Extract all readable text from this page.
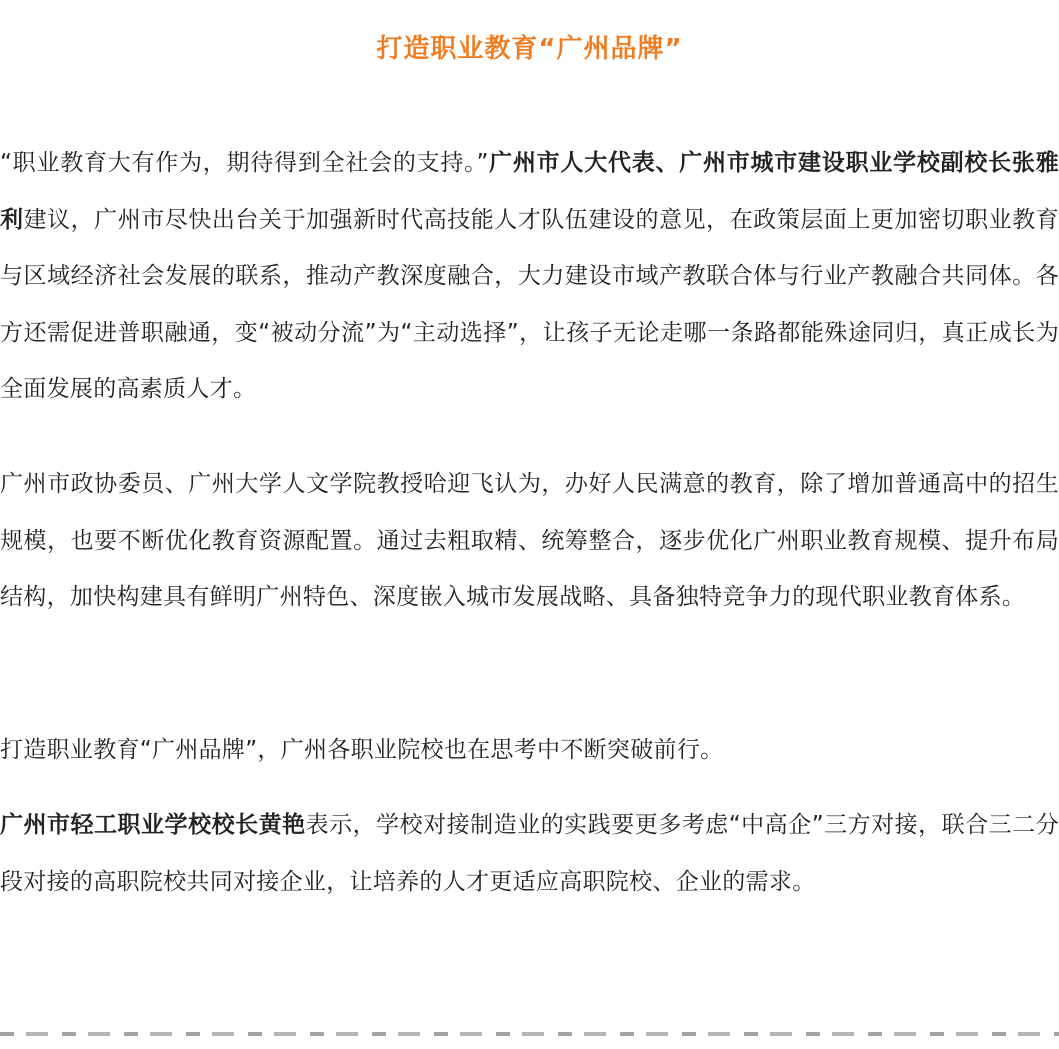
打造职业教育“广州品牌”

“职业教育大有作为，期待得到全社会的支持。”广州市人大代表、广州市城市建设职业学校副校长张雅利建议，广州市尽快出台关于加强新时代高技能人才队伍建设的意见，在政策层面上更加密切职业教育与区域经济社会发展的联系，推动产教深度融合，大力建设市域产教联合体与行业产教融合共同体。各方还需促进普职融通，变“被动分流”为“主动选择”，让孩子无论走哪一条路都能殊途同归，真正成长为全面发展的高素质人才。

广州市政协委员、广州大学人文学院教授哈迎飞认为，办好人民满意的教育，除了增加普通高中的招生规模，也要不断优化教育资源配置。通过去粗取精、统筹整合，逐步优化广州职业教育规模、提升布局结构，加快构建具有鲜明广州特色、深度嵌入城市发展战略、具备独特竞争力的现代职业教育体系。

打造职业教育“广州品牌”，广州各职业院校也在思考中不断突破前行。

广州市轻工职业学校校长黄艳表示，学校对接制造业的实践要更多考虑“中高企”三方对接，联合三二分段对接的高职院校共同对接企业，让培养的人才更适应高职院校、企业的需求。
